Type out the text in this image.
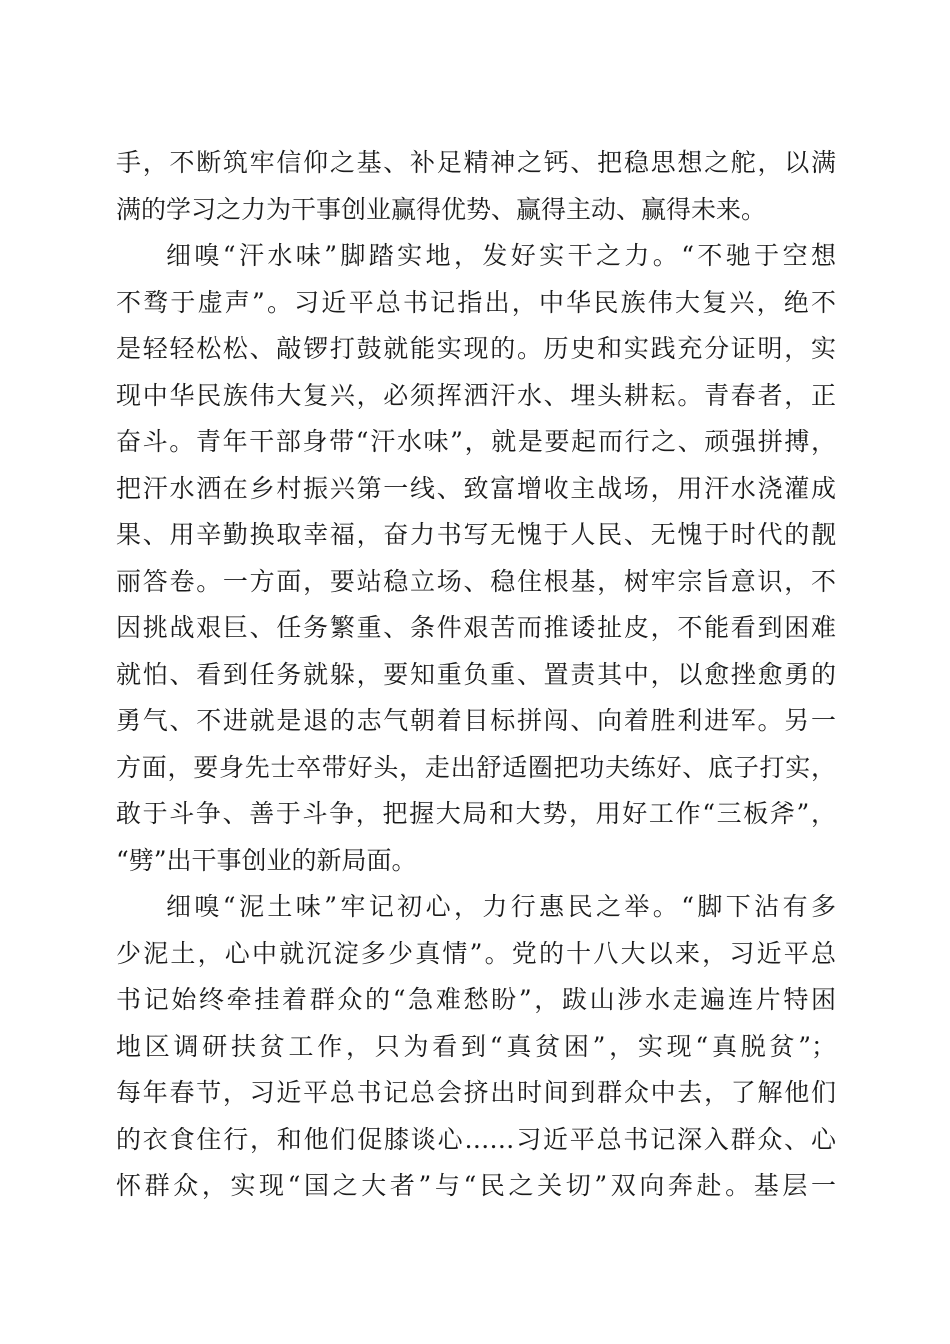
手，不断筑牢信仰之基、补足精神之钙、把稳思想之舵，以满
满的学习之力为干事创业赢得优势、赢得主动、赢得未来。
细嗅“汗水味”脚踏实地，发好实干之力。“不驰于空想
不骛于虚声”。习近平总书记指出，中华民族伟大复兴，绝不
是轻轻松松、敲锣打鼓就能实现的。历史和实践充分证明，实
现中华民族伟大复兴，必须挥洒汗水、埋头耕耘。青春者，正
奋斗。青年干部身带“汗水味”，就是要起而行之、顽强拼搏，
把汗水洒在乡村振兴第一线、致富增收主战场，用汗水浇灌成
果、用辛勤换取幸福，奋力书写无愧于人民、无愧于时代的靓
丽答卷。一方面，要站稳立场、稳住根基，树牢宗旨意识，不
因挑战艰巨、任务繁重、条件艰苦而推诿扯皮，不能看到困难
就怕、看到任务就躲，要知重负重、置责其中，以愈挫愈勇的
勇气、不进就是退的志气朝着目标拼闯、向着胜利进军。另一
方面，要身先士卒带好头，走出舒适圈把功夫练好、底子打实，
敢于斗争、善于斗争，把握大局和大势，用好工作“三板斧”，
“劈”出干事创业的新局面。
细嗅“泥土味”牢记初心，力行惠民之举。“脚下沾有多
少泥土，心中就沉淀多少真情”。党的十八大以来，习近平总
书记始终牵挂着群众的“急难愁盼”，跋山涉水走遍连片特困
地区调研扶贫工作，只为看到“真贫困”，实现“真脱贫”；
每年春节，习近平总书记总会挤出时间到群众中去，了解他们
的衣食住行，和他们促膝谈心……习近平总书记深入群众、心
怀群众，实现“国之大者”与“民之关切”双向奔赴。基层一
